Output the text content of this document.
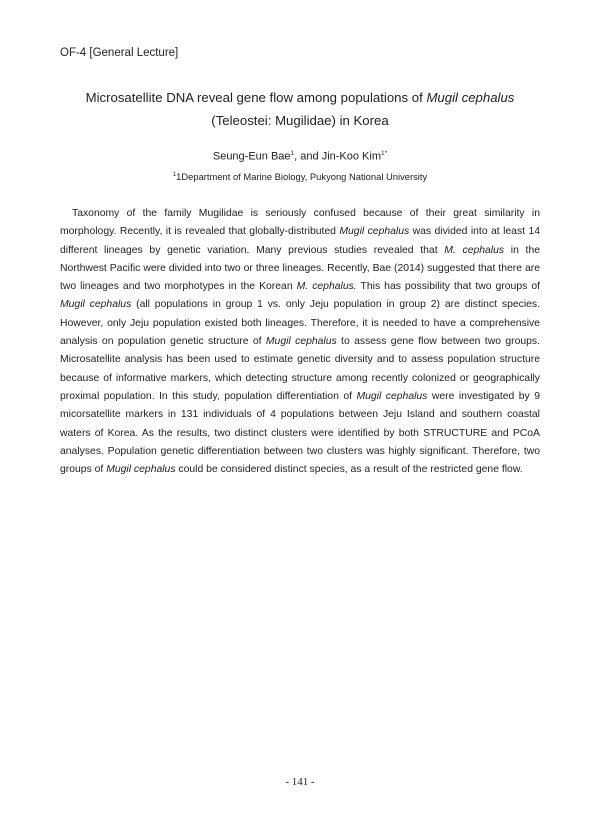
OF-4 [General Lecture]
Microsatellite DNA reveal gene flow among populations of Mugil cephalus (Teleostei: Mugilidae) in Korea
Seung-Eun Bae$^1$, and Jin-Koo Kim$^{1*}$
$^1$1Department of Marine Biology, Pukyong National University
Taxonomy of the family Mugilidae is seriously confused because of their great similarity in morphology. Recently, it is revealed that globally-distributed Mugil cephalus was divided into at least 14 different lineages by genetic variation. Many previous studies revealed that M. cephalus in the Northwest Pacific were divided into two or three lineages. Recently, Bae (2014) suggested that there are two lineages and two morphotypes in the Korean M. cephalus. This has possibility that two groups of Mugil cephalus (all populations in group 1 vs. only Jeju population in group 2) are distinct species. However, only Jeju population existed both lineages. Therefore, it is needed to have a comprehensive analysis on population genetic structure of Mugil cephalus to assess gene flow between two groups. Microsatellite analysis has been used to estimate genetic diversity and to assess population structure because of informative markers, which detecting structure among recently colonized or geographically proximal population. In this study, population differentiation of Mugil cephalus were investigated by 9 micorsatellite markers in 131 individuals of 4 populations between Jeju Island and southern coastal waters of Korea. As the results, two distinct clusters were identified by both STRUCTURE and PCoA analyses. Population genetic differentiation between two clusters was highly significant. Therefore, two groups of Mugil cephalus could be considered distinct species, as a result of the restricted gene flow.
- 141 -
